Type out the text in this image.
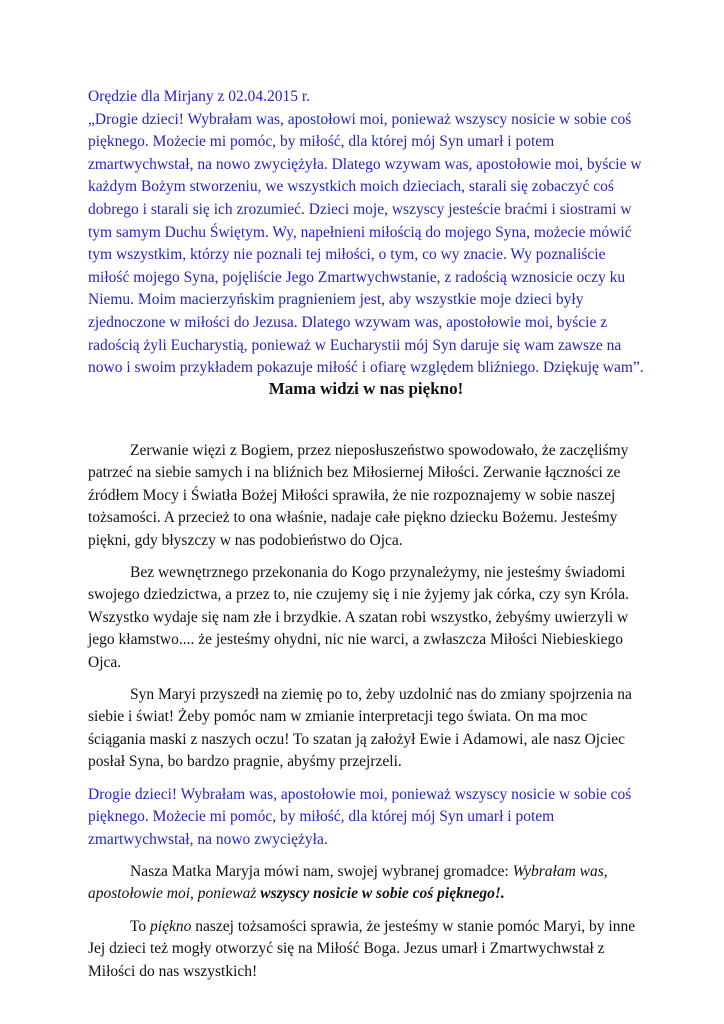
Orędzie dla Mirjany z 02.04.2015 r.

„Drogie dzieci! Wybrałam was, apostołowi moi, ponieważ wszyscy nosicie w sobie coś pięknego. Możecie mi pomóc, by miłość, dla której mój Syn umarł i potem zmartwychwstał, na nowo zwyciężyła. Dlatego wzywam was, apostołowie moi, byście w każdym Bożym stworzeniu, we wszystkich moich dzieciach, starali się zobaczyć coś dobrego i starali się ich zrozumieć. Dzieci moje, wszyscy jesteście braćmi i siostrami w tym samym Duchu Świętym. Wy, napełnieni miłością do mojego Syna, możecie mówić tym wszystkim, którzy nie poznali tej miłości, o tym, co wy znacie. Wy poznaliście miłość mojego Syna, pojęliście Jego Zmartwychwstanie, z radością wznosicie oczy ku Niemu. Moim macierzyńskim pragnieniem jest, aby wszystkie moje dzieci były zjednoczone w miłości do Jezusa. Dlatego wzywam was, apostołowie moi, byście z radością żyli Eucharystią, ponieważ w Eucharystii mój Syn daruje się wam zawsze na nowo i swoim przykładem pokazuje miłość i ofiarę względem bliźniego. Dziękuję wam”.

Mama widzi w nas piękno!

Zerwanie więzi z Bogiem, przez nieposłuszeństwo spowodowało, że zaczęliśmy patrzeć na siebie samych i na bliźnich bez Miłosiernej Miłości. Zerwanie łączności ze źródłem Mocy i Światła Bożej Miłości sprawiła, że nie rozpoznajemy w sobie naszej tożsamości. A przecież to ona właśnie, nadaje całe piękno dziecku Bożemu. Jesteśmy piękni, gdy błyszczy w nas podobieństwo do Ojca.

Bez wewnętrznego przekonania do Kogo przynależymy, nie jesteśmy świadomi swojego dziedzictwa, a przez to, nie czujemy się i nie żyjemy jak córka, czy syn Króla. Wszystko wydaje się nam złe i brzydkie. A szatan robi wszystko, żebyśmy uwierzyli w jego kłamstwo.... że jesteśmy ohydni, nic nie warci, a zwłaszcza Miłości Niebieskiego Ojca.

Syn Maryi przyszedł na ziemię po to, żeby uzdolnić nas do zmiany spojrzenia na siebie i świat! Żeby pomóc nam w zmianie interpretacji tego świata. On ma moc ściągania maski z naszych oczu! To szatan ją założył Ewie i Adamowi, ale nasz Ojciec posłał Syna, bo bardzo pragnie, abyśmy przejrzeli.

Drogie dzieci! Wybrałam was, apostołowie moi, ponieważ wszyscy nosicie w sobie coś pięknego. Możecie mi pomóc, by miłość, dla której mój Syn umarł i potem zmartwychwstał, na nowo zwyciężyła.

Nasza Matka Maryja mówi nam, swojej wybranej gromadce: Wybrałam was, apostołowie moi, ponieważ wszyscy nosicie w sobie coś pięknego!.

To piękno naszej tożsamości sprawia, że jesteśmy w stanie pomóc Maryi, by inne Jej dzieci też mogły otworzyć się na Miłość Boga. Jezus umarł i Zmartwychwstał z Miłości do nas wszystkich!
